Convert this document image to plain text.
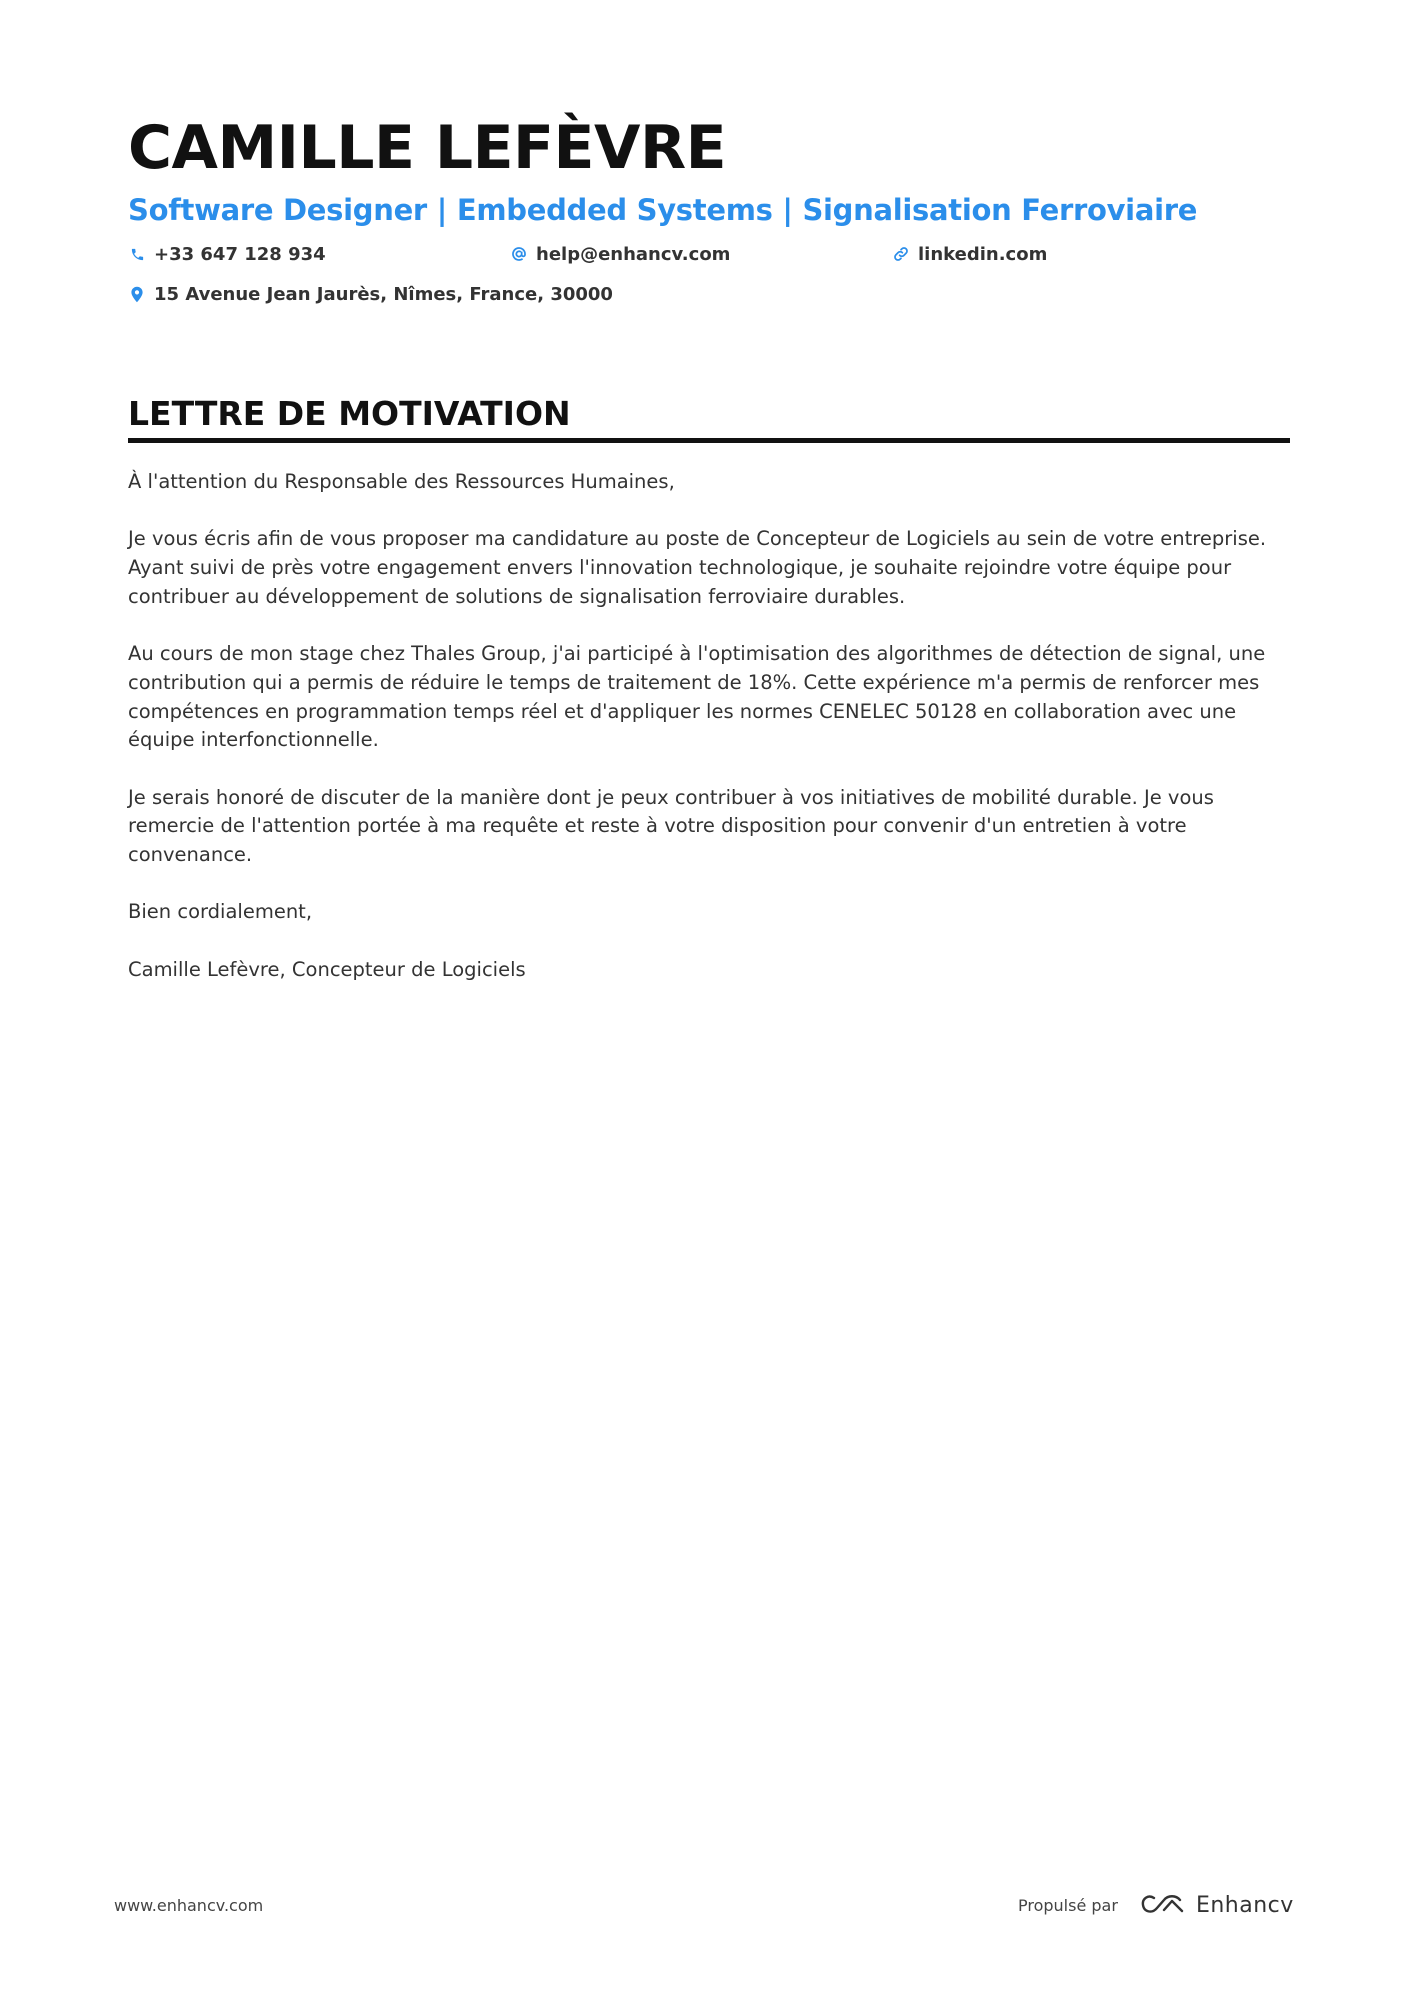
CAMILLE LEFÈVRE
Software Designer | Embedded Systems | Signalisation Ferroviaire
+33 647 128 934	help@enhancv.com	linkedin.com
15 Avenue Jean Jaurès, Nîmes, France, 30000
LETTRE DE MOTIVATION

À l'attention du Responsable des Ressources Humaines,

Je vous écris afin de vous proposer ma candidature au poste de Concepteur de Logiciels au sein de votre entreprise.
Ayant suivi de près votre engagement envers l'innovation technologique, je souhaite rejoindre votre équipe pour
contribuer au développement de solutions de signalisation ferroviaire durables.

Au cours de mon stage chez Thales Group, j'ai participé à l'optimisation des algorithmes de détection de signal, une
contribution qui a permis de réduire le temps de traitement de 18%. Cette expérience m'a permis de renforcer mes
compétences en programmation temps réel et d'appliquer les normes CENELEC 50128 en collaboration avec une
équipe interfonctionnelle.

Je serais honoré de discuter de la manière dont je peux contribuer à vos initiatives de mobilité durable. Je vous
remercie de l'attention portée à ma requête et reste à votre disposition pour convenir d'un entretien à votre
convenance.

Bien cordialement,

Camille Lefèvre, Concepteur de Logiciels

www.enhancv.com	Propulsé par	Enhancv
